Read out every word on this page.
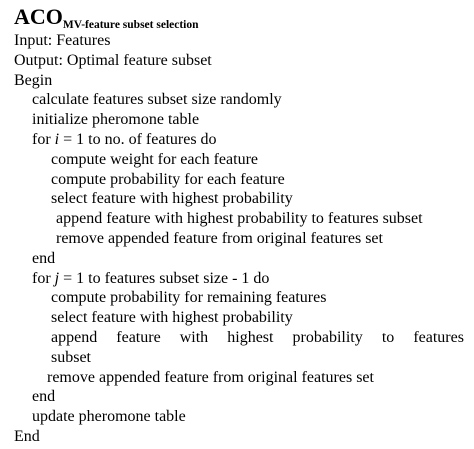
$ACO_{MV-feature subset selection}$
Input: Features
Output: Optimal feature subset
Begin
calculate features subset size randomly
initialize pheromone table
for i = 1 to no. of features do
compute weight for each feature
compute probability for each feature
select feature with highest probability
append feature with highest probability to features subset
remove appended feature from original features set
end
for j = 1 to features subset size - 1 do
compute probability for remaining features
select feature with highest probability
append feature with highest probability to features
subset
remove appended feature from original features set
end
update pheromone table
End
